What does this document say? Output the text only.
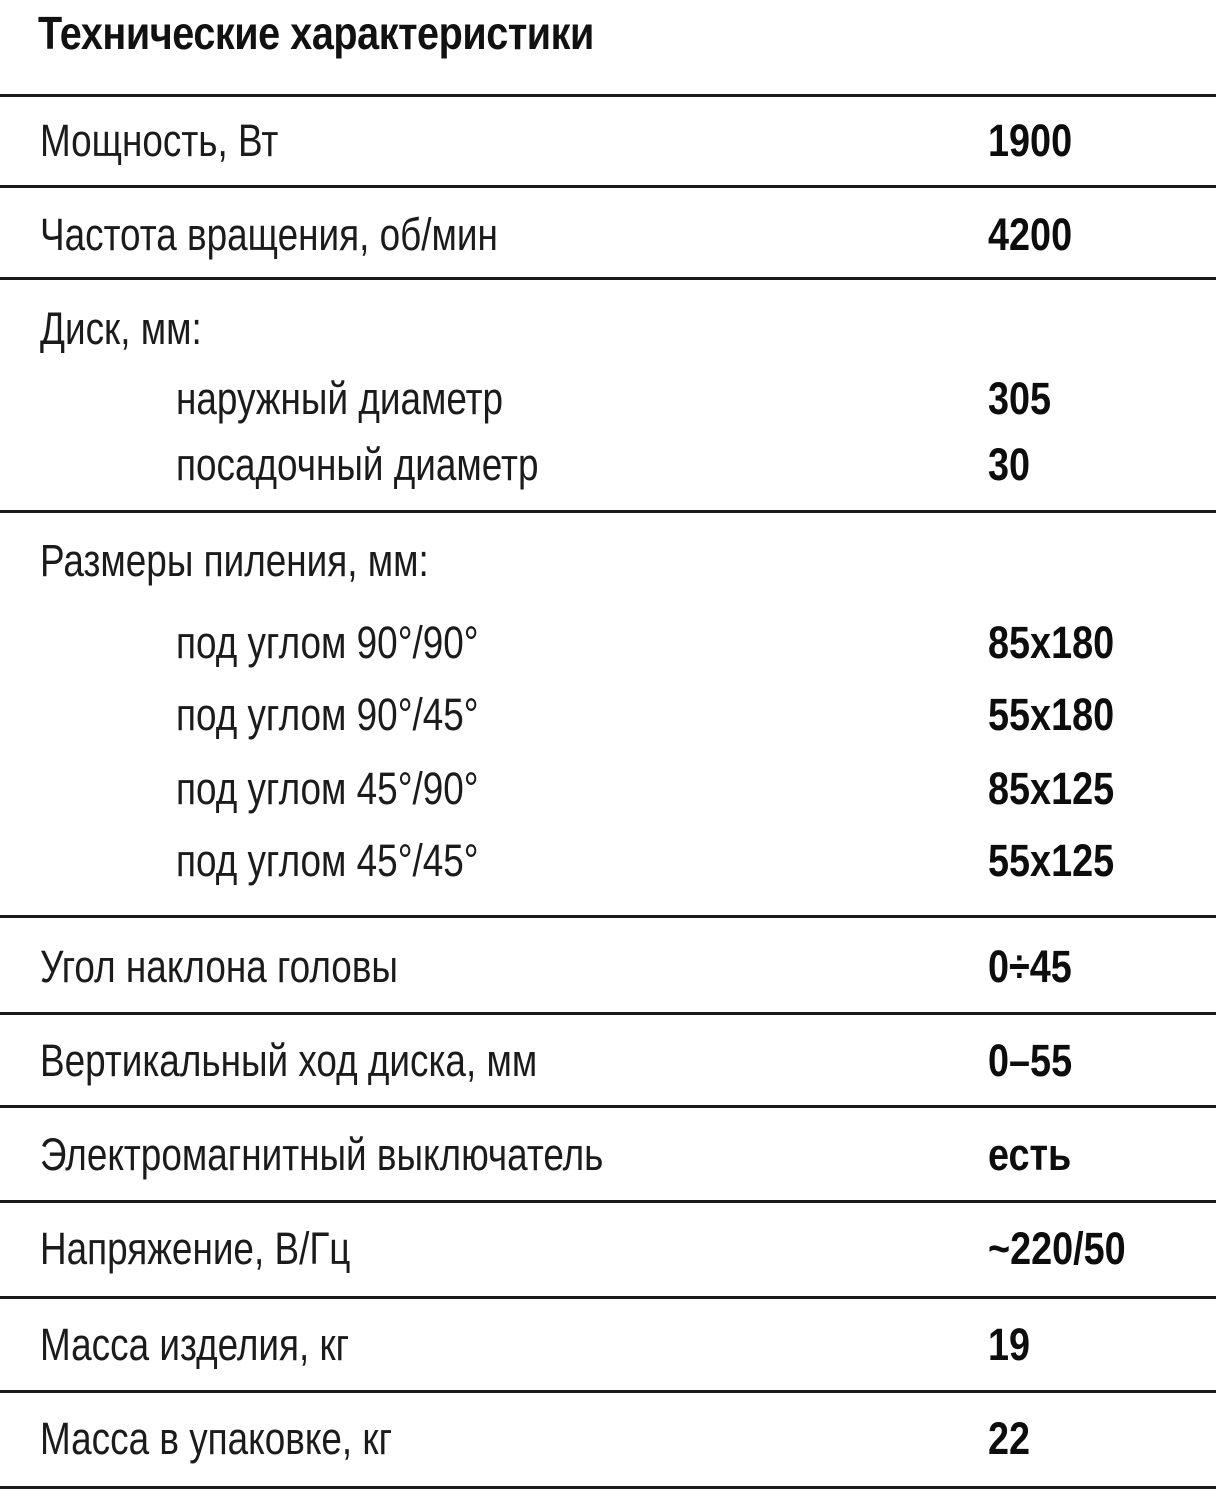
Технические характеристики
Мощность, Вт	1900
Частота вращения, об/мин	4200
Диск, мм:
наружный диаметр	305
посадочный диаметр	30
Размеры пиления, мм:
под углом 90°/90°	85x180
под углом 90°/45°	55x180
под углом 45°/90°	85x125
под углом 45°/45°	55x125
Угол наклона головы	0÷45
Вертикальный ход диска, мм	0–55
Электромагнитный выключатель	есть
Напряжение, В/Гц	~220/50
Масса изделия, кг	19
Масса в упаковке, кг	22
